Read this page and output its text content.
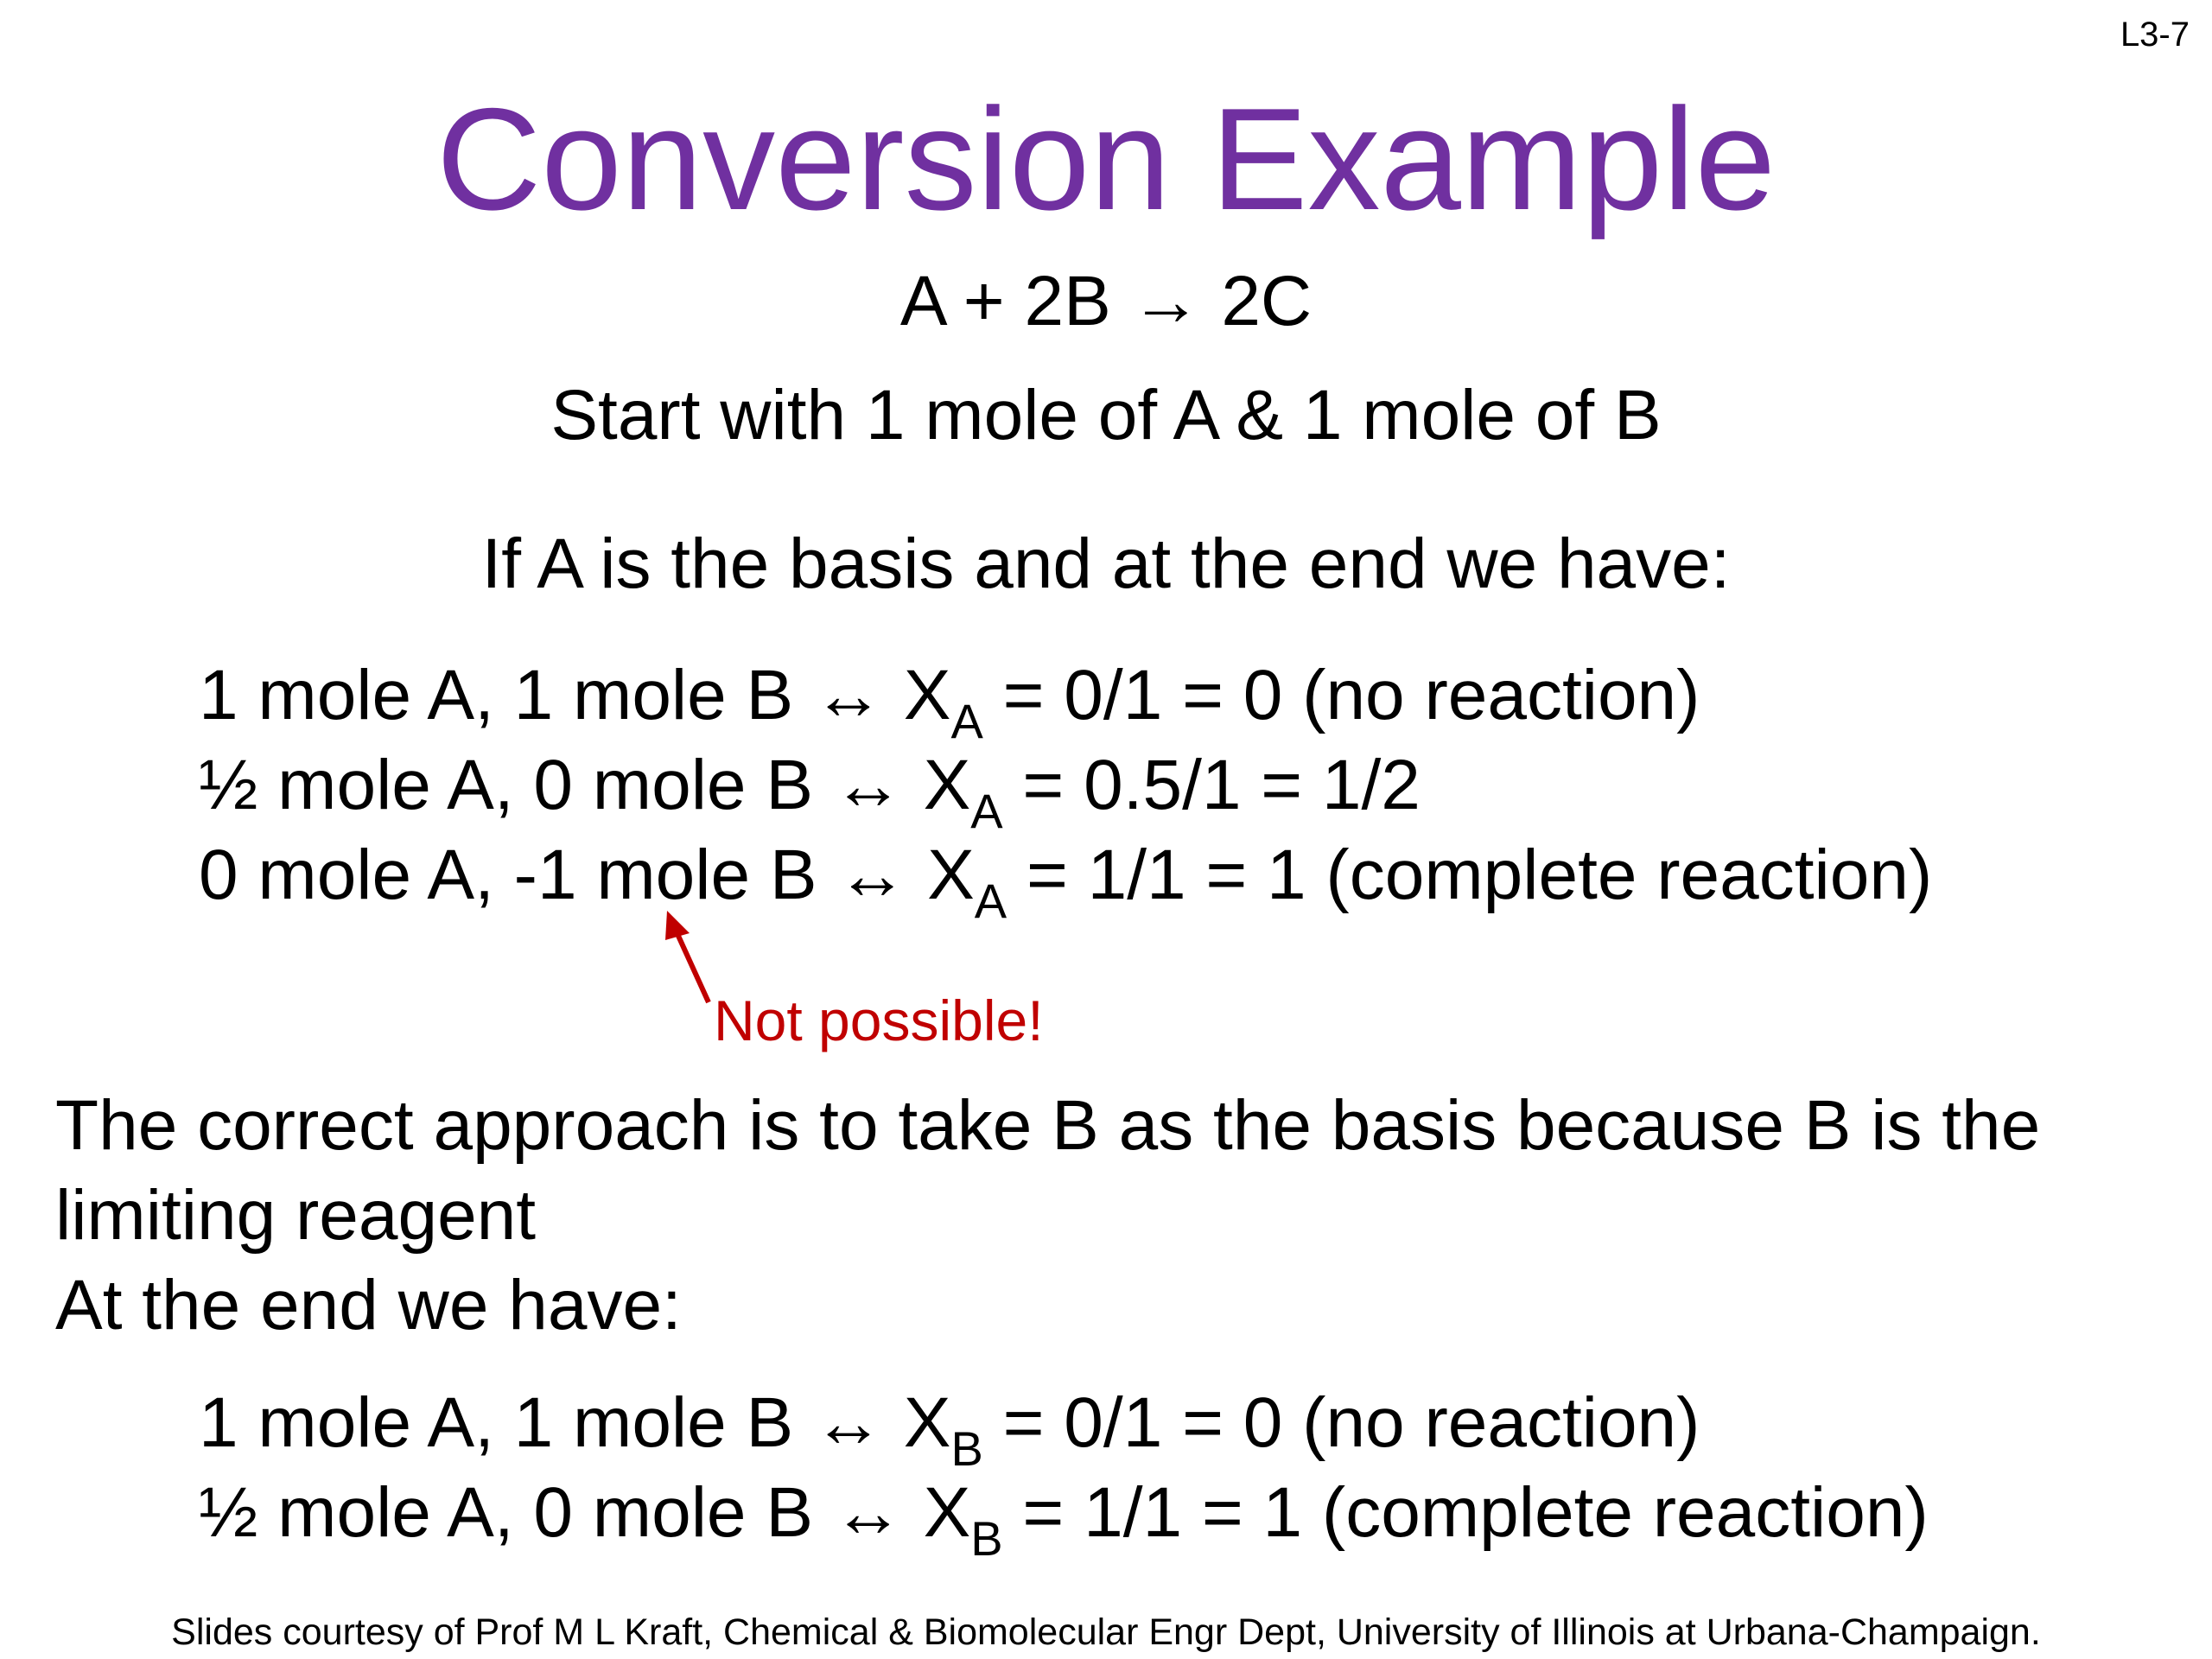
L3-7
Conversion Example
A + 2B → 2C
Start with 1 mole of A & 1 mole of B
If A is the basis and at the end we have:
1 mole A, 1 mole B ↔ $X_A = 0/1 = 0$ (no reaction)
½ mole A, 0 mole B ↔ $X_A = 0.5/1 = 1/2$
0 mole A, -1 mole B ↔ $X_A = 1/1 = 1$ (complete reaction)
Not possible!
The correct approach is to take B as the basis because B is the
limiting reagent
At the end we have:
1 mole A, 1 mole B ↔ $X_B = 0/1 = 0$ (no reaction)
½ mole A, 0 mole B ↔ $X_B = 1/1 = 1$ (complete reaction)
Slides courtesy of Prof M L Kraft, Chemical & Biomolecular Engr Dept, University of Illinois at Urbana-Champaign.
